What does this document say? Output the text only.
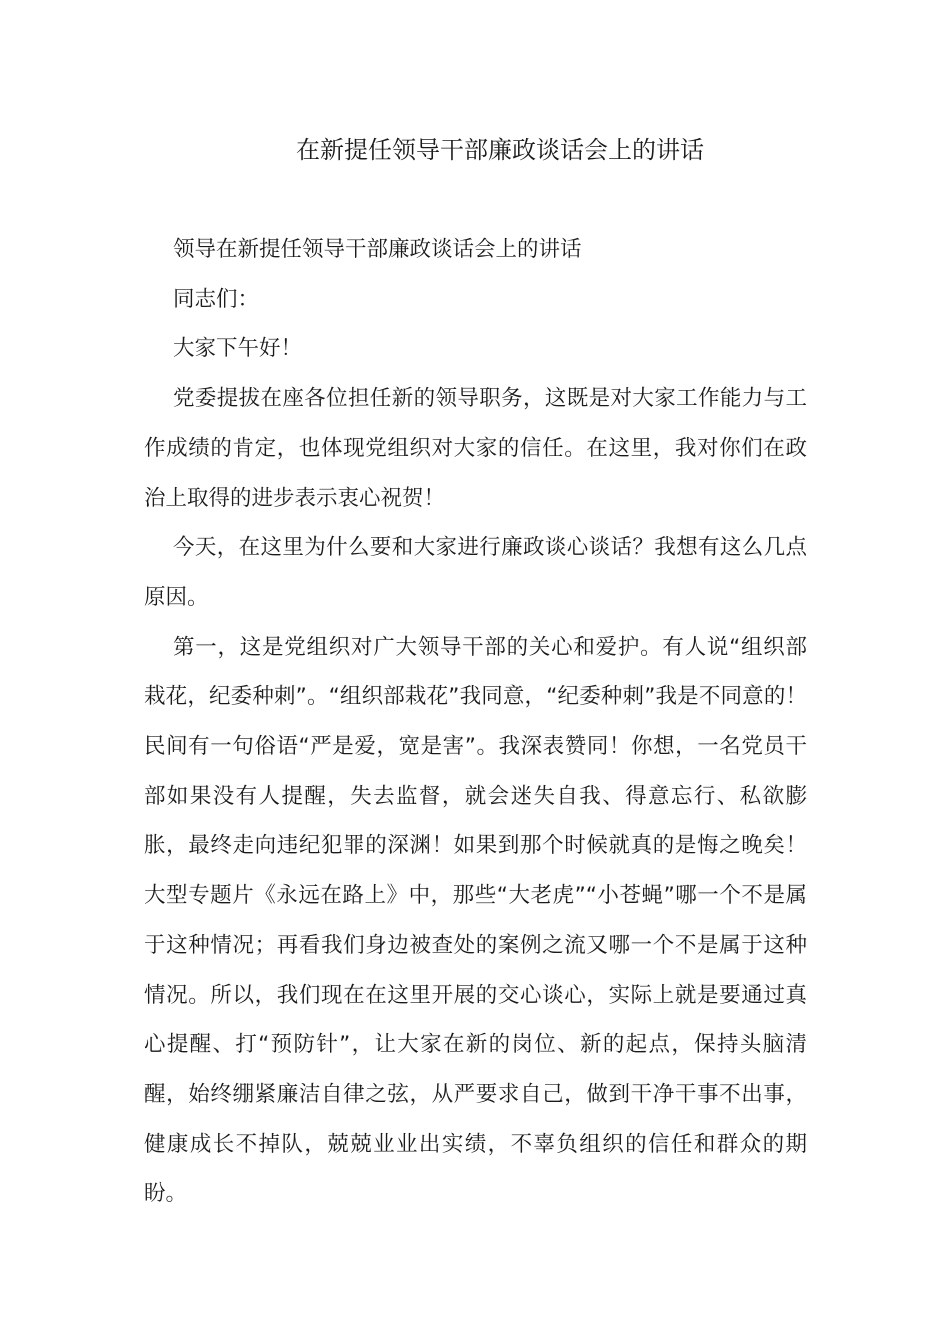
在新提任领导干部廉政谈话会上的讲话

领导在新提任领导干部廉政谈话会上的讲话

同志们：

大家下午好！

党委提拔在座各位担任新的领导职务，这既是对大家工作能力与工作成绩的肯定，也体现党组织对大家的信任。在这里，我对你们在政治上取得的进步表示衷心祝贺！

今天，在这里为什么要和大家进行廉政谈心谈话？我想有这么几点原因。

第一，这是党组织对广大领导干部的关心和爱护。有人说“组织部栽花，纪委种刺”。“组织部栽花”我同意，“纪委种刺”我是不同意的！民间有一句俗语“严是爱，宽是害”。我深表赞同！你想，一名党员干部如果没有人提醒，失去监督，就会迷失自我、得意忘行、私欲膨胀，最终走向违纪犯罪的深渊！如果到那个时候就真的是悔之晚矣！大型专题片《永远在路上》中，那些“大老虎”“小苍蝇”哪一个不是属于这种情况；再看我们身边被查处的案例之流又哪一个不是属于这种情况。所以，我们现在在这里开展的交心谈心，实际上就是要通过真心提醒、打“预防针”，让大家在新的岗位、新的起点，保持头脑清醒，始终绷紧廉洁自律之弦，从严要求自己，做到干净干事不出事，健康成长不掉队，兢兢业业出实绩，不辜负组织的信任和群众的期盼。
